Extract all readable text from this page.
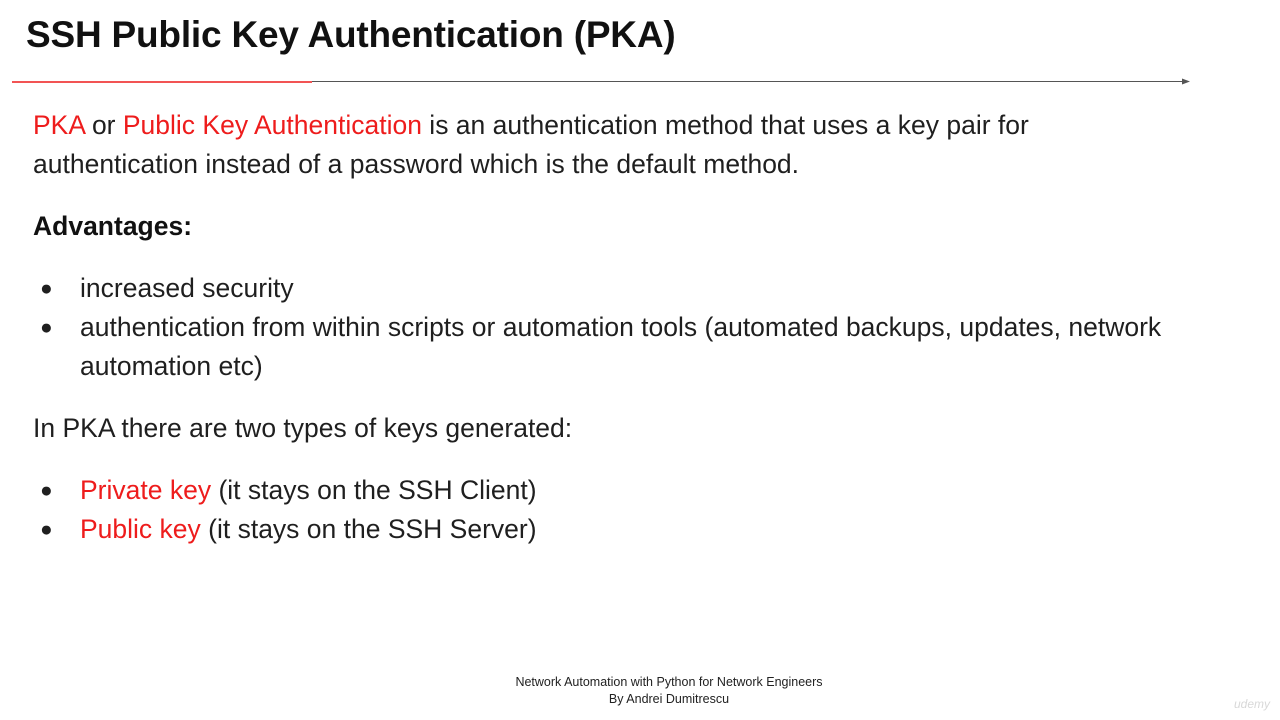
SSH Public Key Authentication (PKA)

PKA or Public Key Authentication is an authentication method that uses a key pair for authentication instead of a password which is the default method.

Advantages:

● increased security
● authentication from within scripts or automation tools (automated backups, updates, network automation etc)

In PKA there are two types of keys generated:

● Private key (it stays on the SSH Client)
● Public key (it stays on the SSH Server)
Network Automation with Python for Network Engineers
By Andrei Dumitrescu	udemy
